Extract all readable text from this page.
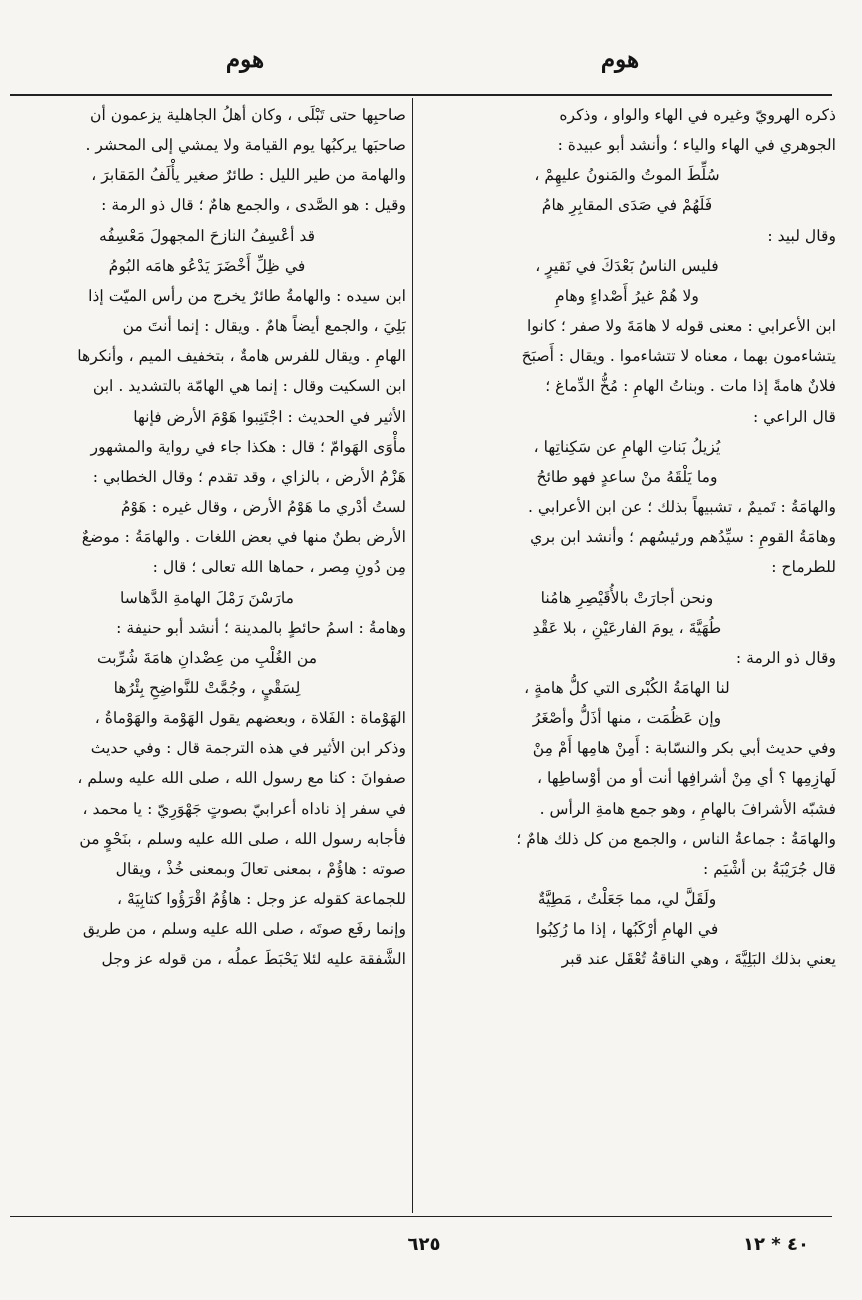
هوم	هوم

ذكره الهرويّ وغيره في الهاء والواو ، وذكره

الجوهري في الهاء والياء ؛ وأنشد أبو عبيدة :

سُلِّطَ الموتُ والمَنونُ عليهِمْ ،

فَلَهُمْ في صَدَى المقابِرِ هامُ

وقال لبيد :

فليس الناسُ بَعْدَكَ في نَقيرٍ ،

ولا هُمْ غيرُ أَصْداءٍ وهامِ

ابن الأعرابي : معنى قوله لا هامَةَ ولا صفر ؛ كانوا

يتشاءمون بهما ، معناه لا تتشاءموا . ويقال : أَصبَحَ

فلانٌ هامةً إذا مات . وبناتُ الهامِ : مُخُّ الدِّماغ ؛

قال الراعي :

يُزيلُ بَناتِ الهامِ عن سَكِناتِها ،

وما يَلْقَهُ منْ ساعدٍ فهو طائحُ

والهامَةُ : تَميمٌ ، تشبيهاً بذلك ؛ عن ابن الأعرابي .

وهامَةُ القومِ : سيِّدُهم ورئيسُهم ؛ وأنشد ابن بري

للطرماح :

ونحن أجارَتْ بالأُقَيْصِرِ هامُنا

طُهَيَّةَ ، يومَ الفارعَيْنِ ، بلا عَقْدِ

وقال ذو الرمة :

لنا الهامَةُ الكُبْرى التي كلُّ هامةٍ ،

وإن عَظُمَت ، منها أذَلُّ وأصْغَرُ

وفي حديث أبي بكر والنسّابة : أَمِنْ هامِها أَمْ مِنْ

لَهازِمِها ؟ أي مِنْ أشرافِها أنت أو من أوْساطِها ،

فشبّه الأشرافَ بالهامِ ، وهو جمع هامةِ الرأس .

والهامَةُ : جماعةُ الناس ، والجمع من كل ذلك هامٌ ؛

قال جُرَيْبَةُ بن أشْيَم :

ولَقَلَّ لي، مما جَعَلْتُ ، مَطِيَّةٌ

في الهامِ أرْكَبُها ، إذا ما رُكِبُوا

يعني بذلك البَلِيَّةَ ، وهي الناقةُ تُعْقَل عند قبر

صاحبِها حتى تَبْلَى ، وكان أهلُ الجاهلية يزعمون أن

صاحبَها يركبُها يوم القيامة ولا يمشي إلى المحشر .

والهامة من طير الليل : طائرٌ صغير يأْلَفُ المَقابرَ ،

وقيل : هو الصَّدى ، والجمع هامٌ ؛ قال ذو الرمة :

قد أعْسِفُ النازحَ المجهولَ مَعْسِفُه

في ظِلِّ أَخْضَرَ يَدْعُو هامَه البُومُ

ابن سيده : والهامةُ طائرٌ يخرج من رأس الميّت إذا

بَلِيَ ، والجمع أيضاً هامٌ . ويقال : إنما أنتَ من

الهامِ . ويقال للفرس هامةٌ ، بتخفيف الميم ، وأنكرها

ابن السكيت وقال : إنما هي الهامّة بالتشديد . ابن

الأثير في الحديث : اجْتَنِبوا هَوْمَ الأرض فإنها

مأْوَى الهَوامّ ؛ قال : هكذا جاء في رواية والمشهور

هَزْمُ الأرض ، بالزاي ، وقد تقدم ؛ وقال الخطابي :

لستُ أدْري ما هَوْمُ الأرض ، وقال غيره : هَوْمُ

الأرض بطنٌ منها في بعض اللغات . والهامَةُ : موضعٌ

مِن دُونِ مِصر ، حماها الله تعالى ؛ قال :

مارَسْنَ رَمْلَ الهامةِ الدَّهاسا

وهامةُ : اسمُ حائطٍ بالمدينة ؛ أنشد أبو حنيفة :

من الغُلْبِ من عِضْدانِ هامَةَ شُرِّبت

لِسَقْيٍ ، وجُمَّتْ للنَّواضِحِ بِئْرُها

الهَوْماة : الفَلاة ، وبعضهم يقول الهَوْمة والهَوْماةُ ،

وذكر ابن الأثير في هذه الترجمة قال : وفي حديث

صفوانَ : كنا مع رسول الله ، صلى الله عليه وسلم ،

في سفر إذ ناداه أعرابيّ بصوتٍ جَهْوَرِيّ : يا محمد ،

فأجابه رسول الله ، صلى الله عليه وسلم ، بنَحْوٍ من

صوته : هاؤُمْ ، بمعنى تعالَ وبمعنى خُذْ ، ويقال

للجماعة كقوله عز وجل : هاؤُمُ اقْرَؤُوا كتابِيَهْ ،

وإنما رفَع صوتَه ، صلى الله عليه وسلم ، من طريق

الشَّفقة عليه لئلا يَحْبَطَ عملُه ، من قوله عز وجل

٦٢٥	٤٠ * ١٢
